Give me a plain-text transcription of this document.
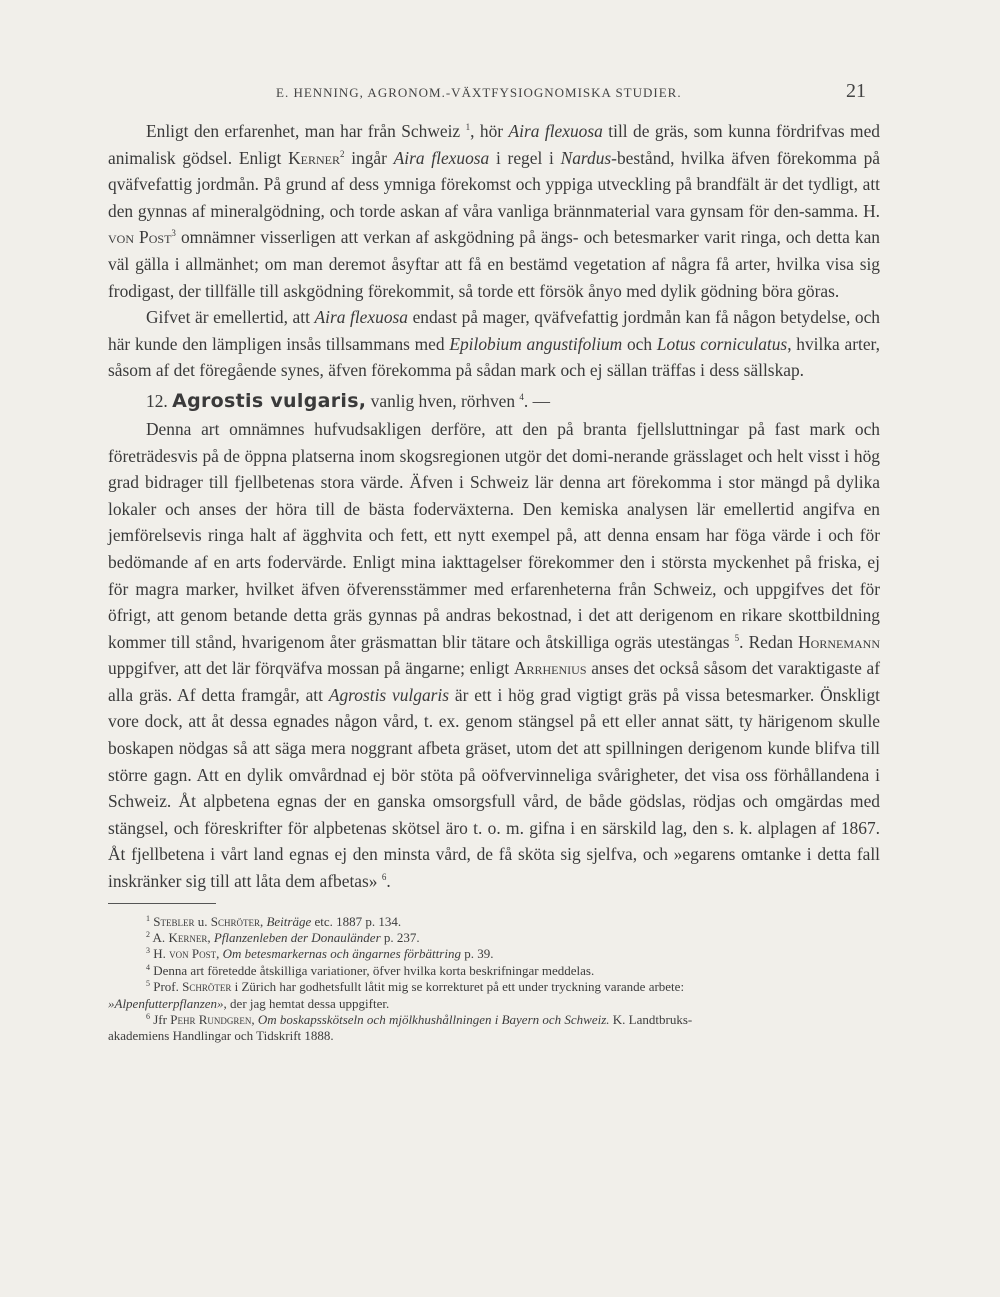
E. HENNING, AGRONOM.-VÄXTFYSIOGNOMISKA STUDIER.	21

Enligt den erfarenhet, man har från Schweiz $^1$, hör Aira flexuosa till de gräs, som kunna fördrifvas med animalisk gödsel. Enligt Kerner$^2$ ingår Aira flexuosa i regel i Nardus-bestånd, hvilka äfven förekomma på qväfvefattig jordmån. På grund af dess ymniga förekomst och yppiga utveckling på brandfält är det tydligt, att den gynnas af mineralgödning, och torde askan af våra vanliga brännmaterial vara gynsam för den-samma. H. von Post$^3$ omnämner visserligen att verkan af askgödning på ängs- och betesmarker varit ringa, och detta kan väl gälla i allmänhet; om man deremot åsyftar att få en bestämd vegetation af några få arter, hvilka visa sig frodigast, der tillfälle till askgödning förekommit, så torde ett försök ånyo med dylik gödning böra göras.

Gifvet är emellertid, att Aira flexuosa endast på mager, qväfvefattig jordmån kan få någon betydelse, och här kunde den lämpligen insås tillsammans med Epilobium angustifolium och Lotus corniculatus, hvilka arter, såsom af det föregående synes, äfven förekomma på sådan mark och ej sällan träffas i dess sällskap.

12. Agrostis vulgaris, vanlig hven, rörhven $^4$. —

Denna art omnämnes hufvudsakligen derföre, att den på branta fjellsluttningar på fast mark och företrädesvis på de öppna platserna inom skogsregionen utgör det domi-nerande grässlaget och helt visst i hög grad bidrager till fjellbetenas stora värde. Äfven i Schweiz lär denna art förekomma i stor mängd på dylika lokaler och anses der höra till de bästa foderväxterna. Den kemiska analysen lär emellertid angifva en jemförelsevis ringa halt af ägghvita och fett, ett nytt exempel på, att denna ensam har föga värde i och för bedömande af en arts fodervärde. Enligt mina iakttagelser förekommer den i största myckenhet på friska, ej för magra marker, hvilket äfven öfverensstämmer med erfarenheterna från Schweiz, och uppgifves det för öfrigt, att genom betande detta gräs gynnas på andras bekostnad, i det att derigenom en rikare skottbildning kommer till stånd, hvarigenom åter gräsmattan blir tätare och åtskilliga ogräs utestängas $^5$. Redan Hornemann uppgifver, att det lär förqväfva mossan på ängarne; enligt Arrhenius anses det också såsom det varaktigaste af alla gräs. Af detta framgår, att Agrostis vulgaris är ett i hög grad vigtigt gräs på vissa betesmarker. Önskligt vore dock, att åt dessa egnades någon vård, t. ex. genom stängsel på ett eller annat sätt, ty härigenom skulle boskapen nödgas så att säga mera noggrant afbeta gräset, utom det att spillningen derigenom kunde blifva till större gagn. Att en dylik omvårdnad ej bör stöta på oöfvervinneliga svårigheter, det visa oss förhållandena i Schweiz. Åt alpbetena egnas der en ganska omsorgsfull vård, de både gödslas, rödjas och omgärdas med stängsel, och föreskrifter för alpbetenas skötsel äro t. o. m. gifna i en särskild lag, den s. k. alplagen af 1867. Åt fjellbetena i vårt land egnas ej den minsta vård, de få sköta sig sjelfva, och »egarens omtanke i detta fall inskränker sig till att låta dem afbetas» $^6$.

$^1$ Stebler u. Schröter, Beiträge etc. 1887 p. 134.
$^2$ A. Kerner, Pflanzenleben der Donauländer p. 237.
$^3$ H. von Post, Om betesmarkernas och ängarnes förbättring p. 39.
$^4$ Denna art företedde åtskilliga variationer, öfver hvilka korta beskrifningar meddelas.
$^5$ Prof. Schröter i Zürich har godhetsfullt låtit mig se korrekturet på ett under tryckning varande arbete:
»Alpenfutterpflanzen», der jag hemtat dessa uppgifter.
$^6$ Jfr Pehr Rundgren, Om boskapsskötseln och mjölkhushållningen i Bayern och Schweiz. K. Landtbruks-
akademiens Handlingar och Tidskrift 1888.
